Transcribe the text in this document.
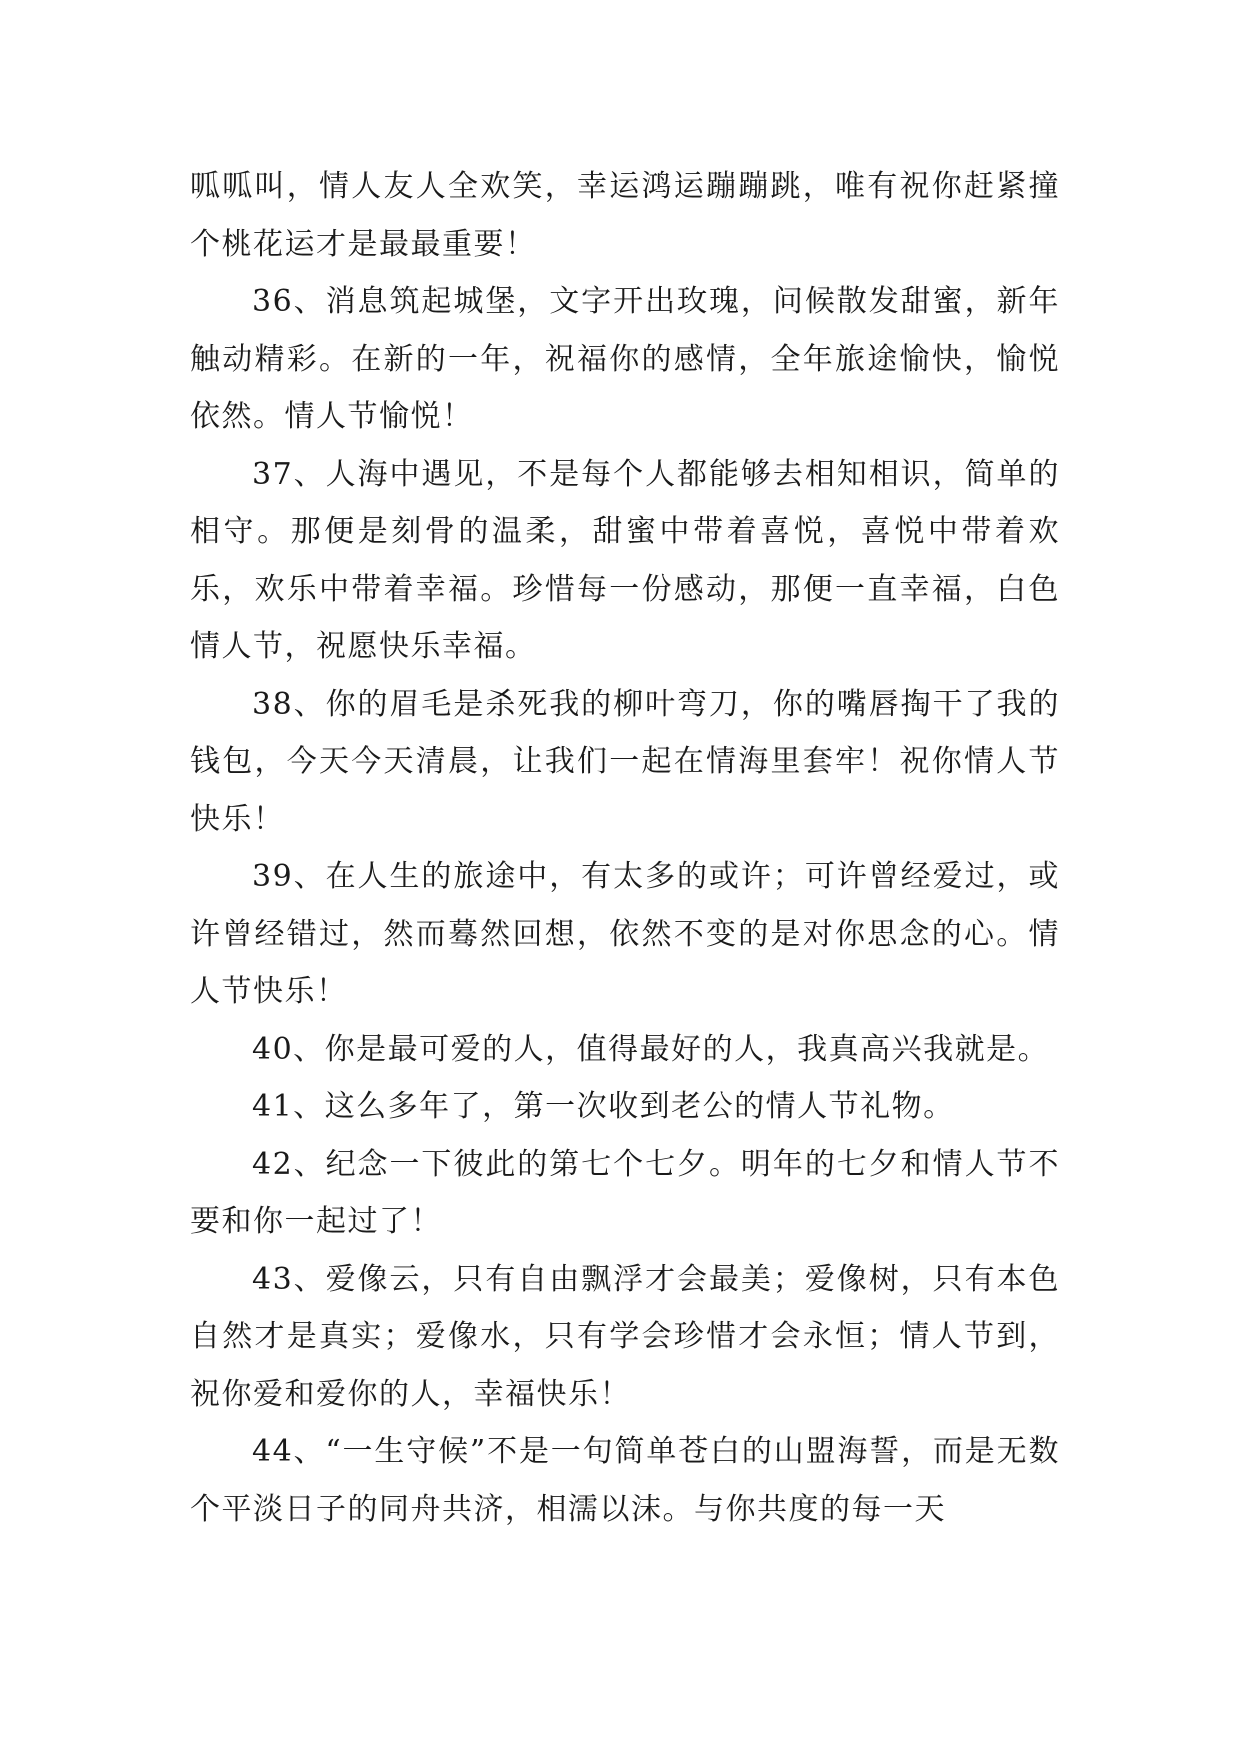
呱呱叫，情人友人全欢笑，幸运鸿运蹦蹦跳，唯有祝你赶紧撞个桃花运才是最最重要！

36、消息筑起城堡，文字开出玫瑰，问候散发甜蜜，新年触动精彩。在新的一年，祝福你的感情，全年旅途愉快，愉悦依然。情人节愉悦！

37、人海中遇见，不是每个人都能够去相知相识，简单的相守。那便是刻骨的温柔，甜蜜中带着喜悦，喜悦中带着欢乐，欢乐中带着幸福。珍惜每一份感动，那便一直幸福，白色情人节，祝愿快乐幸福。

38、你的眉毛是杀死我的柳叶弯刀，你的嘴唇掏干了我的钱包，今天今天清晨，让我们一起在情海里套牢！祝你情人节快乐！

39、在人生的旅途中，有太多的或许；可许曾经爱过，或许曾经错过，然而蓦然回想，依然不变的是对你思念的心。情人节快乐！

40、你是最可爱的人，值得最好的人，我真高兴我就是。

41、这么多年了，第一次收到老公的情人节礼物。

42、纪念一下彼此的第七个七夕。明年的七夕和情人节不要和你一起过了！

43、爱像云，只有自由飘浮才会最美；爱像树，只有本色自然才是真实；爱像水，只有学会珍惜才会永恒；情人节到，祝你爱和爱你的人，幸福快乐！

44、“一生守候”不是一句简单苍白的山盟海誓，而是无数个平淡日子的同舟共济，相濡以沫。与你共度的每一天
